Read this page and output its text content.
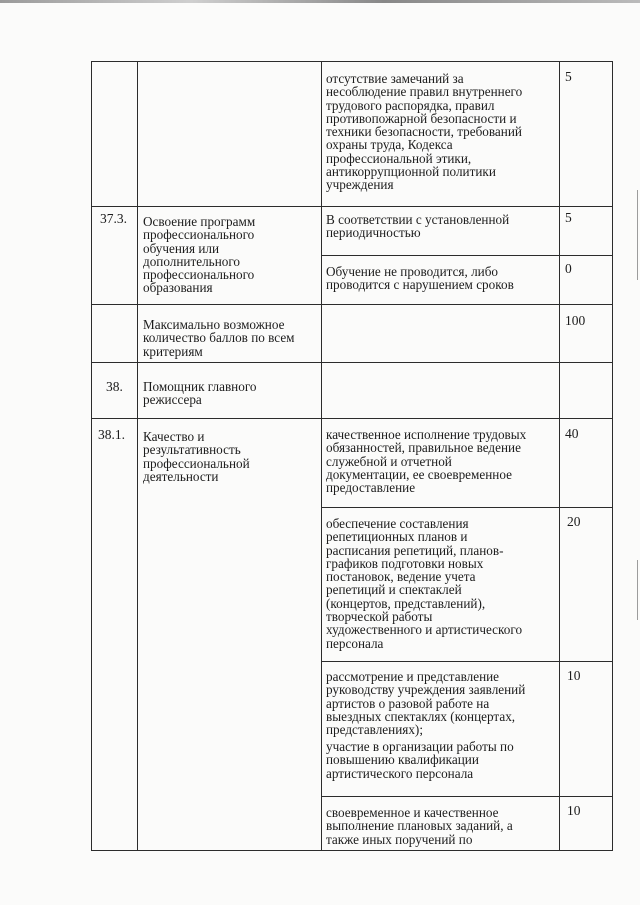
отсутствие замечаний за
несоблюдение правил внутреннего
трудового распорядка, правил
противопожарной безопасности и
техники безопасности, требований
охраны труда, Кодекса
профессиональной этики,
антикоррупционной политики
учреждения
5
37.3. Освоение программ
профессионального
обучения или
дополнительного
профессионального
образования
В соответствии с установленной
периодичностью
5
Обучение не проводится, либо
проводится с нарушением сроков
0
Максимально возможное
количество баллов по всем
критериям
100
38. Помощник главного
режиссера
38.1. Качество и
результативность
профессиональной
деятельности
качественное исполнение трудовых
обязанностей, правильное ведение
служебной и отчетной
документации, ее своевременное
предоставление
40
обеспечение составления
репетиционных планов и
расписания репетиций, планов-
графиков подготовки новых
постановок, ведение учета
репетиций и спектаклей
(концертов, представлений),
творческой работы
художественного и артистического
персонала
20
рассмотрение и представление
руководству учреждения заявлений
артистов о разовой работе на
выездных спектаклях (концертах,
представлениях);
участие в организации работы по
повышению квалификации
артистического персонала
10
своевременное и качественное
выполнение плановых заданий, а
также иных поручений по
10
